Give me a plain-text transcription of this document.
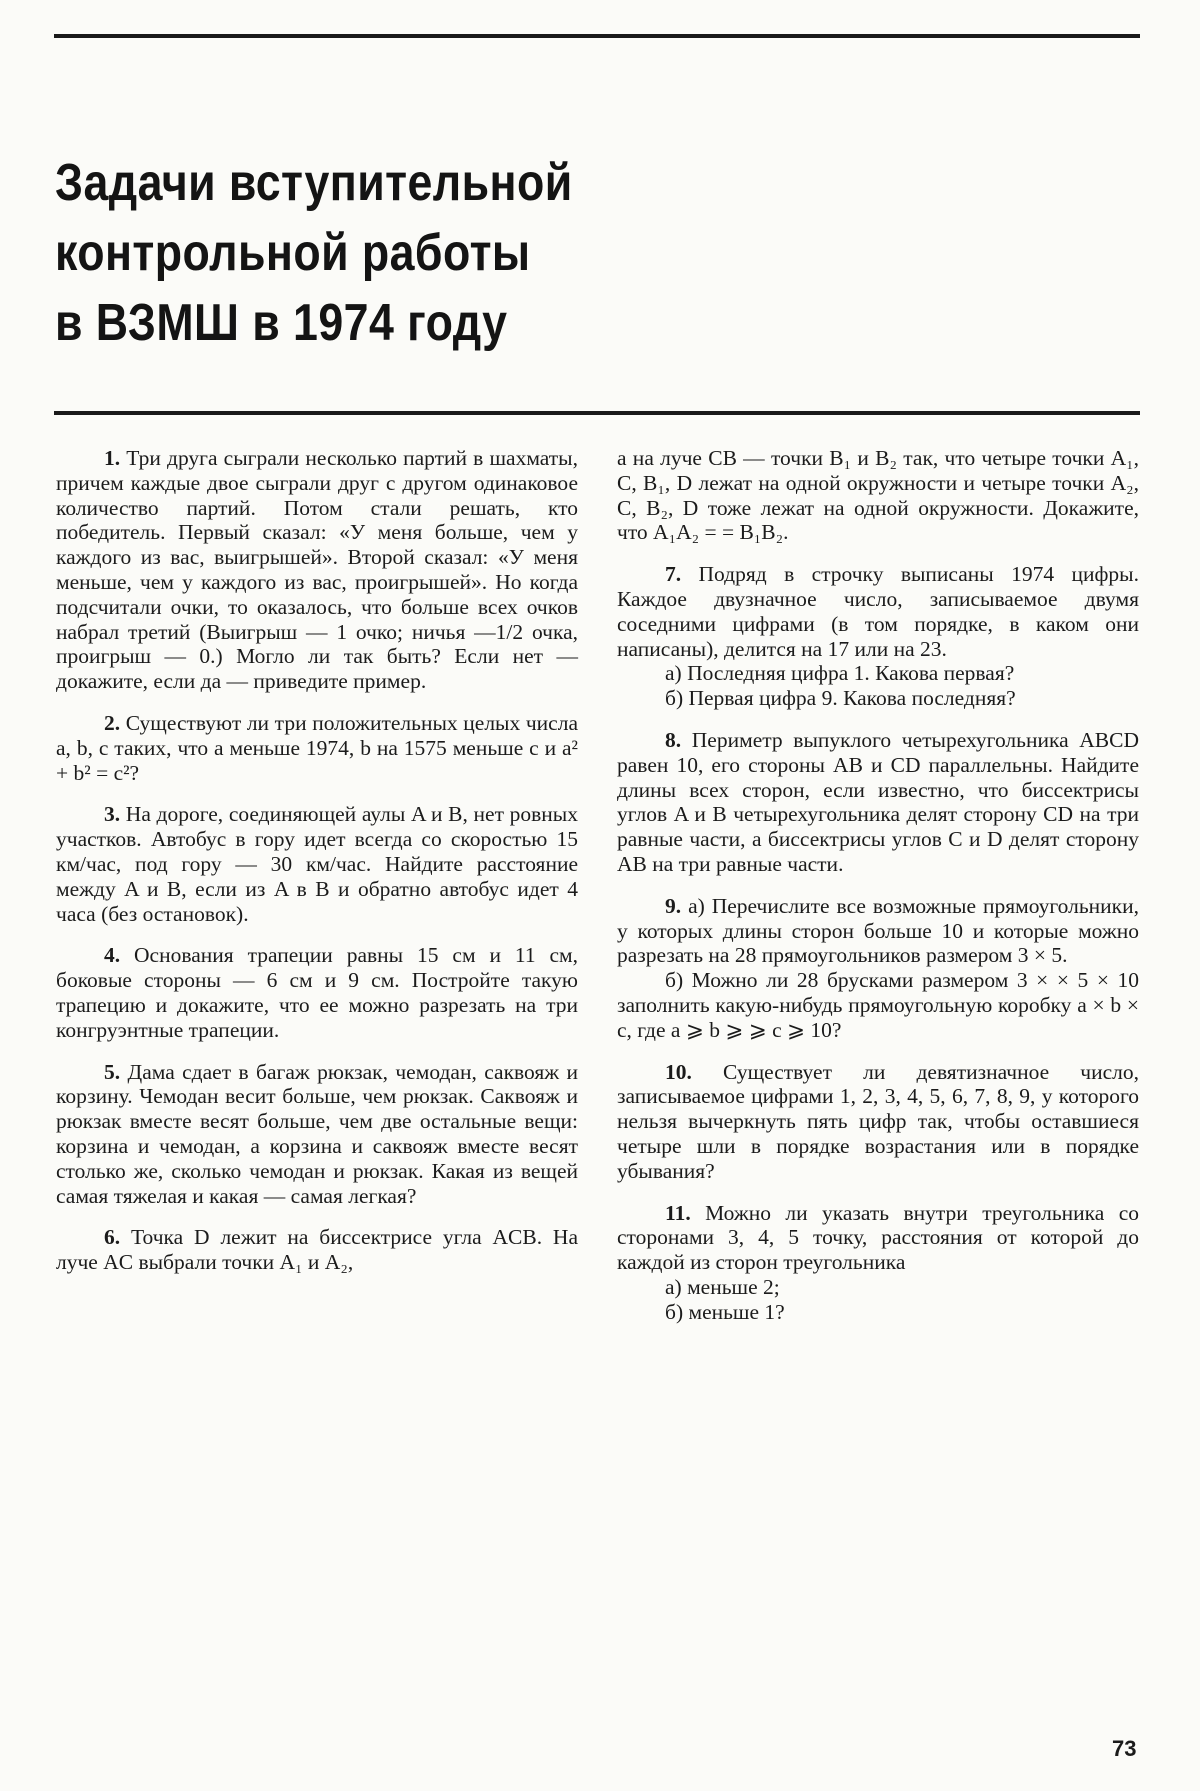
Задачи вступительной
контрольной работы
в ВЗМШ в 1974 году
1. Три друга сыграли несколько партий в шахматы, причем каждые двое сыграли друг с другом одинаковое количество партий. Потом стали решать, кто победитель. Первый сказал: «У меня больше, чем у каждого из вас, выигрышей». Второй сказал: «У меня меньше, чем у каждого из вас, проигрышей». Но когда подсчитали очки, то оказалось, что больше всех очков набрал третий (Выигрыш — 1 очко; ничья —1/2 очка, проигрыш — 0.) Могло ли так быть? Если нет — докажите, если да — приведите пример.
2. Существуют ли три положительных целых числа a, b, c таких, что a меньше 1974, b на 1575 меньше c и a² + b² = c²?
3. На дороге, соединяющей аулы A и B, нет ровных участков. Автобус в гору идет всегда со скоростью 15 км/час, под гору — 30 км/час. Найдите расстояние между A и B, если из A в B и обратно автобус идет 4 часа (без остановок).
4. Основания трапеции равны 15 см и 11 см, боковые стороны — 6 см и 9 см. Постройте такую трапецию и докажите, что ее можно разрезать на три конгруэнтные трапеции.
5. Дама сдает в багаж рюкзак, чемодан, саквояж и корзину. Чемодан весит больше, чем рюкзак. Саквояж и рюкзак вместе весят больше, чем две остальные вещи: корзина и чемодан, а корзина и саквояж вместе весят столько же, сколько чемодан и рюкзак. Какая из вещей самая тяжелая и какая — самая легкая?
6. Точка D лежит на биссектрисе угла ACB. На луче AC выбрали точки A₁ и A₂,
а на луче CB — точки B₁ и B₂ так, что четыре точки A₁, C, B₁, D лежат на одной окружности и четыре точки A₂, C, B₂, D тоже лежат на одной окружности. Докажите, что A₁A₂ = = B₁B₂.
7. Подряд в строчку выписаны 1974 цифры. Каждое двузначное число, записываемое двумя соседними цифрами (в том порядке, в каком они написаны), делится на 17 или на 23.
а) Последняя цифра 1. Какова первая?
б) Первая цифра 9. Какова последняя?
8. Периметр выпуклого четырехугольника ABCD равен 10, его стороны AB и CD параллельны. Найдите длины всех сторон, если известно, что биссектрисы углов A и B четырехугольника делят сторону CD на три равные части, а биссектрисы углов C и D делят сторону AB на три равные части.
9. а) Перечислите все возможные прямоугольники, у которых длины сторон больше 10 и которые можно разрезать на 28 прямоугольников размером 3 × 5.
б) Можно ли 28 брусками размером 3 × × 5 × 10 заполнить какую-нибудь прямоугольную коробку a × b × c, где a ⩾ b ⩾ ⩾ c ⩾ 10?
10. Существует ли девятизначное число, записываемое цифрами 1, 2, 3, 4, 5, 6, 7, 8, 9, у которого нельзя вычеркнуть пять цифр так, чтобы оставшиеся четыре шли в порядке возрастания или в порядке убывания?
11. Можно ли указать внутри треугольника со сторонами 3, 4, 5 точку, расстояния от которой до каждой из сторон треугольника
а) меньше 2;
б) меньше 1?
73
